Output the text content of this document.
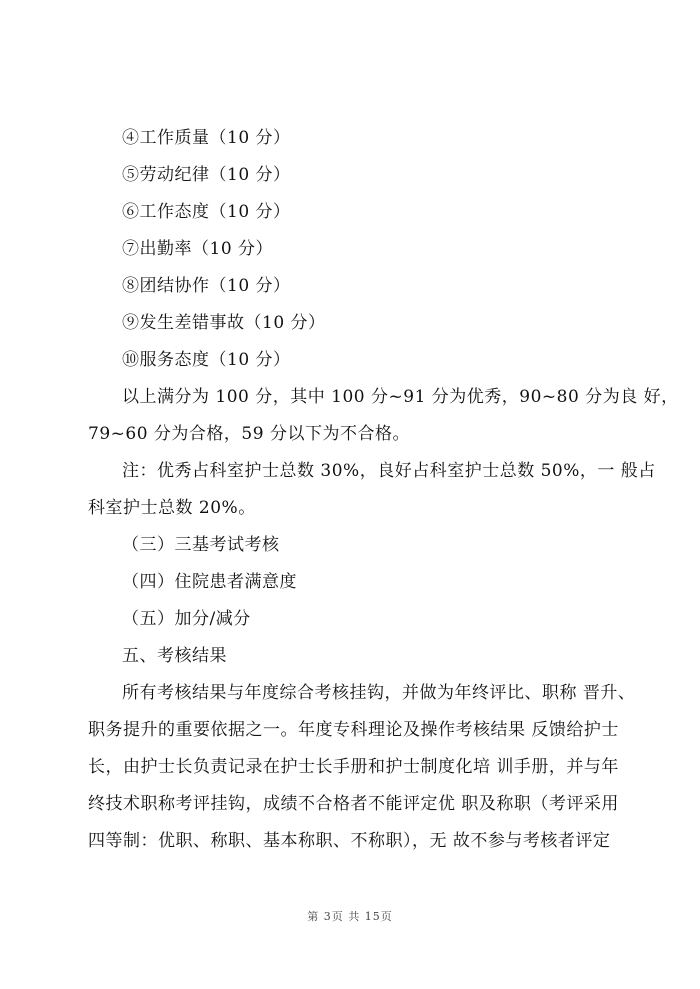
④工作质量（10 分）
⑤劳动纪律（10 分）
⑥工作态度（10 分）
⑦出勤率（10 分）
⑧团结协作（10 分）
⑨发生差错事故（10 分）
⑩服务态度（10 分）
以上满分为 100 分，其中 100 分~91 分为优秀，90~80 分为良 好，
79~60 分为合格，59 分以下为不合格。
注：优秀占科室护士总数 30%，良好占科室护士总数 50%，一 般占
科室护士总数 20%。
（三）三基考试考核
（四）住院患者满意度
（五）加分/减分
五、考核结果
所有考核结果与年度综合考核挂钩，并做为年终评比、职称 晋升、
职务提升的重要依据之一。年度专科理论及操作考核结果 反馈给护士
长，由护士长负责记录在护士长手册和护士制度化培 训手册，并与年
终技术职称考评挂钩，成绩不合格者不能评定优 职及称职（考评采用
四等制：优职、称职、基本称职、不称职），无 故不参与考核者评定
第 3页 共 15页
